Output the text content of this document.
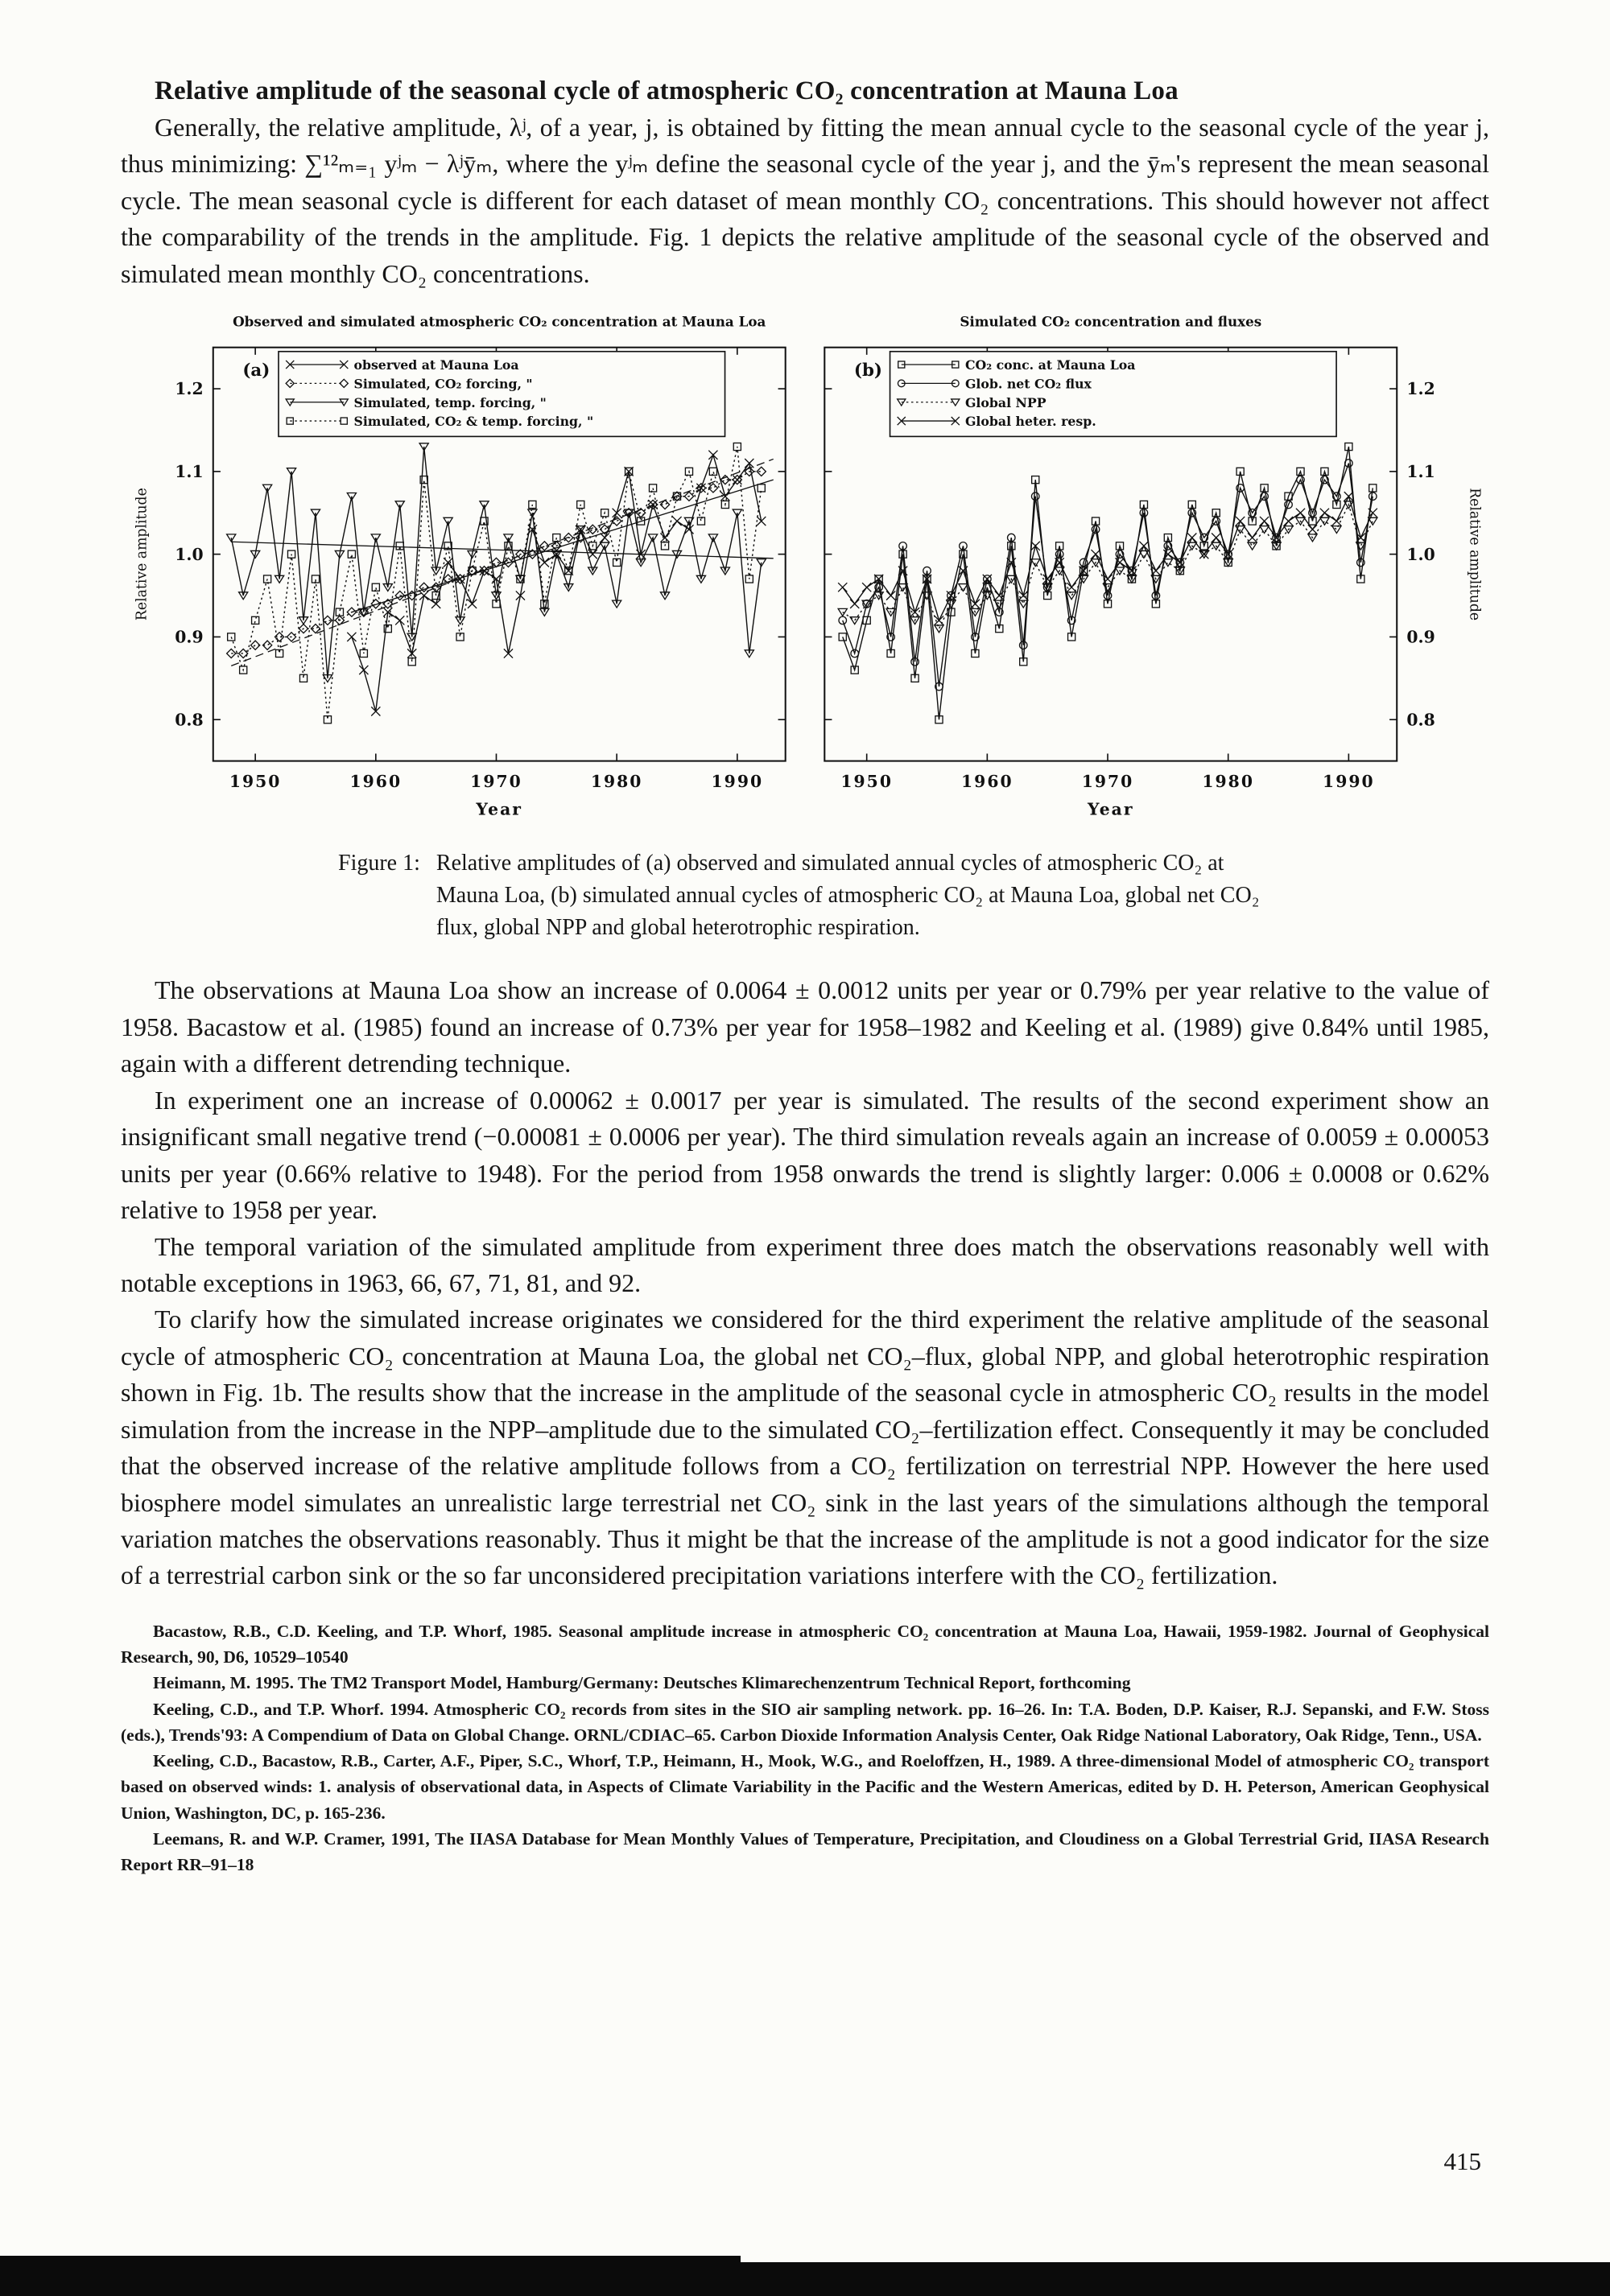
Relative amplitude of the seasonal cycle of atmospheric CO₂ concentration at Mauna Loa

Generally, the relative amplitude, λʲ, of a year, j, is obtained by fitting the mean annual cycle to the seasonal cycle of the year j, thus minimizing: ∑¹²ₘ₌₁ yʲₘ − λʲȳₘ, where the yʲₘ define the seasonal cycle of the year j, and the ȳₘ's represent the mean seasonal cycle. The mean seasonal cycle is different for each dataset of mean monthly CO₂ concentrations. This should however not affect the comparability of the trends in the amplitude. Fig. 1 depicts the relative amplitude of the seasonal cycle of the observed and simulated mean monthly CO₂ concentrations.

Observed and simulated atmospheric CO₂ concentration at Mauna Loa
0.8
0.9
1.0
1.1
1.2
1950	1960	1970	1980	1990
Year
Relative amplitude
(a)	observed at Mauna Loa
Simulated, CO₂ forcing, "
Simulated, temp. forcing, "
Simulated, CO₂ & temp. forcing, "
Simulated CO₂ concentration and fluxes
0.8
0.9
1.0
1.1
1.2
1950	1960	1970	1980	1990
Year
Relative amplitude
(b)	CO₂ conc. at Mauna Loa
Glob. net CO₂ flux
Global NPP
Global heter. resp.
Figure 1: Relative amplitudes of (a) observed and simulated annual cycles of atmospheric CO₂ at Mauna Loa, (b) simulated annual cycles of atmospheric CO₂ at Mauna Loa, global net CO₂ flux, global NPP and global heterotrophic respiration.

The observations at Mauna Loa show an increase of 0.0064 ± 0.0012 units per year or 0.79% per year relative to the value of 1958. Bacastow et al. (1985) found an increase of 0.73% per year for 1958–1982 and Keeling et al. (1989) give 0.84% until 1985, again with a different detrending technique.

In experiment one an increase of 0.00062 ± 0.0017 per year is simulated. The results of the second experiment show an insignificant small negative trend (−0.00081 ± 0.0006 per year). The third simulation reveals again an increase of 0.0059 ± 0.00053 units per year (0.66% relative to 1948). For the period from 1958 onwards the trend is slightly larger: 0.006 ± 0.0008 or 0.62% relative to 1958 per year.

The temporal variation of the simulated amplitude from experiment three does match the observations reasonably well with notable exceptions in 1963, 66, 67, 71, 81, and 92.

To clarify how the simulated increase originates we considered for the third experiment the relative amplitude of the seasonal cycle of atmospheric CO₂ concentration at Mauna Loa, the global net CO₂–flux, global NPP, and global heterotrophic respiration shown in Fig. 1b. The results show that the increase in the amplitude of the seasonal cycle in atmospheric CO₂ results in the model simulation from the increase in the NPP–amplitude due to the simulated CO₂–fertilization effect. Consequently it may be concluded that the observed increase of the relative amplitude follows from a CO₂ fertilization on terrestrial NPP. However the here used biosphere model simulates an unrealistic large terrestrial net CO₂ sink in the last years of the simulations although the temporal variation matches the observations reasonably. Thus it might be that the increase of the amplitude is not a good indicator for the size of a terrestrial carbon sink or the so far unconsidered precipitation variations interfere with the CO₂ fertilization.

Bacastow, R.B., C.D. Keeling, and T.P. Whorf, 1985. Seasonal amplitude increase in atmospheric CO₂ concentration at Mauna Loa, Hawaii, 1959-1982. Journal of Geophysical Research, 90, D6, 10529–10540

Heimann, M. 1995. The TM2 Transport Model, Hamburg/Germany: Deutsches Klimarechenzentrum Technical Report, forthcoming

Keeling, C.D., and T.P. Whorf. 1994. Atmospheric CO₂ records from sites in the SIO air sampling network. pp. 16–26. In: T.A. Boden, D.P. Kaiser, R.J. Sepanski, and F.W. Stoss (eds.), Trends'93: A Compendium of Data on Global Change. ORNL/CDIAC–65. Carbon Dioxide Information Analysis Center, Oak Ridge National Laboratory, Oak Ridge, Tenn., USA.

Keeling, C.D., Bacastow, R.B., Carter, A.F., Piper, S.C., Whorf, T.P., Heimann, H., Mook, W.G., and Roeloffzen, H., 1989. A three-dimensional Model of atmospheric CO₂ transport based on observed winds: 1. analysis of observational data, in Aspects of Climate Variability in the Pacific and the Western Americas, edited by D. H. Peterson, American Geophysical Union, Washington, DC, p. 165-236.

Leemans, R. and W.P. Cramer, 1991, The IIASA Database for Mean Monthly Values of Temperature, Precipitation, and Cloudiness on a Global Terrestrial Grid, IIASA Research Report RR–91–18

415
